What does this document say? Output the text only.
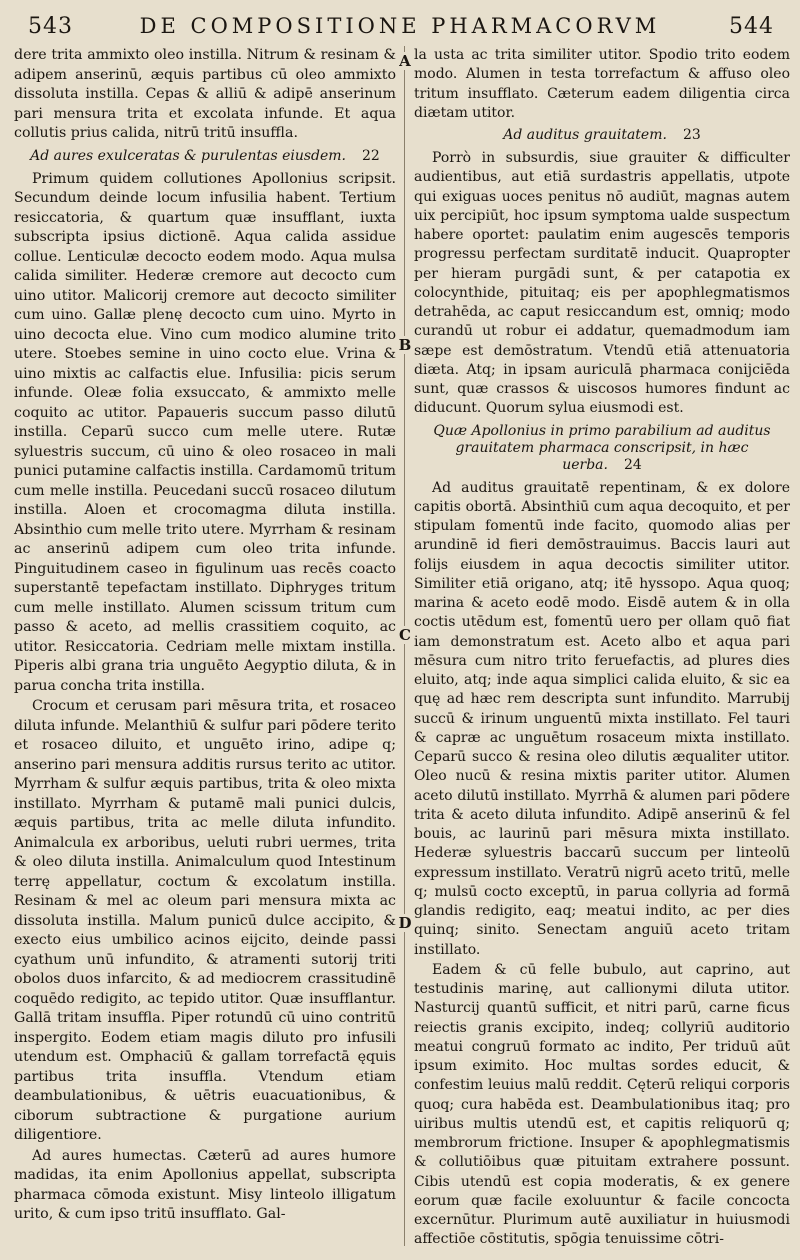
543	DE COMPOSITIONE PHARMACORVM	544
A
B
C
D

dere trita ammixto oleo instilla. Nitrum & resinam & adipem anserinū, æquis partibus cū oleo ammixto dissoluta instilla. Cepas & alliū & adipē anserinum pari mensura trita et excolata infunde. Et aqua collutis prius calida, nitrū tritū insuffla.

Ad aures exulceratas & purulentas eiusdem. 22

Primum quidem collutiones Apollonius scripsit. Secundum deinde locum infusilia habent. Tertium resiccatoria, & quartum quæ insufflant, iuxta subscripta ipsius dictionē. Aqua calida assidue collue. Lenticulæ decocto eodem modo. Aqua mulsa calida similiter. Hederæ cremore aut decocto cum uino utitor. Malicorij cremore aut decocto similiter cum uino. Gallæ plenę decocto cum uino. Myrto in uino decocta elue. Vino cum modico alumine trito utere. Stoebes semine in uino cocto elue. Vrina & uino mixtis ac calfactis elue. Infusilia: picis serum infunde. Oleæ folia exsuccato, & ammixto melle coquito ac utitor. Papaueris succum passo dilutū instilla. Ceparū succo cum melle utere. Rutæ syluestris succum, cū uino & oleo rosaceo in mali punici putamine calfactis instilla. Cardamomū tritum cum melle instilla. Peucedani succū rosaceo dilutum instilla. Aloen et crocomagma diluta instilla. Absinthio cum melle trito utere. Myrrham & resinam ac anserinū adipem cum oleo trita infunde. Pinguitudinem caseo in figulinum uas recēs coacto superstantē tepefactam instillato. Diphryges tritum cum melle instillato. Alumen scissum tritum cum passo & aceto, ad mellis crassitiem coquito, ac utitor. Resiccatoria. Cedriam melle mixtam instilla. Piperis albi grana tria unguēto Aegyptio diluta, & in parua concha trita instilla.

Crocum et cerusam pari mēsura trita, et rosaceo diluta infunde. Melanthiū & sulfur pari pōdere terito et rosaceo diluito, et unguēto irino, adipe q; anserino pari mensura additis rursus terito ac utitor. Myrrham & sulfur æquis partibus, trita & oleo mixta instillato. Myrrham & putamē mali punici dulcis, æquis partibus, trita ac melle diluta infundito. Animalcula ex arboribus, ueluti rubri uermes, trita & oleo diluta instilla. Animalculum quod Intestinum terrę appellatur, coctum & excolatum instilla. Resinam & mel ac oleum pari mensura mixta ac dissoluta instilla. Malum punicū dulce accipito, & execto eius umbilico acinos eijcito, deinde passi cyathum unū infundito, & atramenti sutorij triti obolos duos infarcito, & ad mediocrem crassitudinē coquēdo redigito, ac tepido utitor. Quæ insufflantur. Gallā tritam insuffla. Piper rotundū cū uino contritū inspergito. Eodem etiam magis diluto pro infusili utendum est. Omphaciū & gallam torrefactā ęquis partibus trita insuffla. Vtendum etiam deambulationibus, & uētris euacuationibus, & ciborum subtractione & purgatione aurium diligentiore.

Ad aures humectas. Cæterū ad aures humore madidas, ita enim Apollonius appellat, subscripta pharmaca cōmoda existunt. Misy linteolo illigatum urito, & cum ipso tritū insufflato. Gal-

la usta ac trita similiter utitor. Spodio trito eodem modo. Alumen in testa torrefactum & affuso oleo tritum insufflato. Cæterum eadem diligentia circa diætam utitor.

Ad auditus grauitatem. 23

Porrò in subsurdis, siue grauiter & difficulter audientibus, aut etiā surdastris appellatis, utpote qui exiguas uoces penitus nō audiūt, magnas autem uix percipiūt, hoc ipsum symptoma ualde suspectum habere oportet: paulatim enim augescēs temporis progressu perfectam surditatē inducit. Quapropter per hieram purgādi sunt, & per catapotia ex colocynthide, pituitaq; eis per apophlegmatismos detrahēda, ac caput resiccandum est, omniq; modo curandū ut robur ei addatur, quemadmodum iam sæpe est demōstratum. Vtendū etiā attenuatoria diæta. Atq; in ipsam auriculā pharmaca conijciēda sunt, quæ crassos & uiscosos humores findunt ac diducunt. Quorum sylua eiusmodi est.

Quæ Apollonius in primo parabilium ad auditus grauitatem pharmaca conscripsit, in hæc uerba. 24

Ad auditus grauitatē repentinam, & ex dolore capitis obortā. Absinthiū cum aqua decoquito, et per stipulam fomentū inde facito, quomodo alias per arundinē id fieri demōstrauimus. Baccis lauri aut folijs eiusdem in aqua decoctis similiter utitor. Similiter etiā origano, atq; itē hyssopo. Aqua quoq; marina & aceto eodē modo. Eisdē autem & in olla coctis utēdum est, fomentū uero per ollam quō fiat iam demonstratum est. Aceto albo et aqua pari mēsura cum nitro trito feruefactis, ad plures dies eluito, atq; inde aqua simplici calida eluito, & sic ea quę ad hæc rem descripta sunt infundito. Marrubij succū & irinum unguentū mixta instillato. Fel tauri & capræ ac unguētum rosaceum mixta instillato. Ceparū succo & resina oleo dilutis æqualiter utitor. Oleo nucū & resina mixtis pariter utitor. Alumen aceto dilutū instillato. Myrrhā & alumen pari pōdere trita & aceto diluta infundito. Adipē anserinū & fel bouis, ac laurinū pari mēsura mixta instillato. Hederæ syluestris baccarū succum per linteolū expressum instillato. Veratrū nigrū aceto tritū, melle q; mulsū cocto exceptū, in parua collyria ad formā glandis redigito, eaq; meatui indito, ac per dies quinq; sinito. Senectam anguiū aceto tritam instillato.

Eadem & cū felle bubulo, aut caprino, aut testudinis marinę, aut callionymi diluta utitor. Nasturcij quantū sufficit, et nitri parū, carne ficus reiectis granis excipito, indeq; collyriū auditorio meatui congruū formato ac indito, Per triduū aūt ipsum eximito. Hoc multas sordes educit, & confestim leuius malū reddit. Cęterū reliqui corporis quoq; cura habēda est. Deambulationibus itaq; pro uiribus multis utendū est, et capitis reliquorū q; membrorum frictione. Insuper & apophlegmatismis & collutiōibus quæ pituitam extrahere possunt. Cibis utendū est copia moderatis, & ex genere eorum quæ facile exoluuntur & facile concocta excernūtur. Plurimum autē auxiliatur in huiusmodi affectiōe cōstitutis, spōgia tenuissime cōtri-
